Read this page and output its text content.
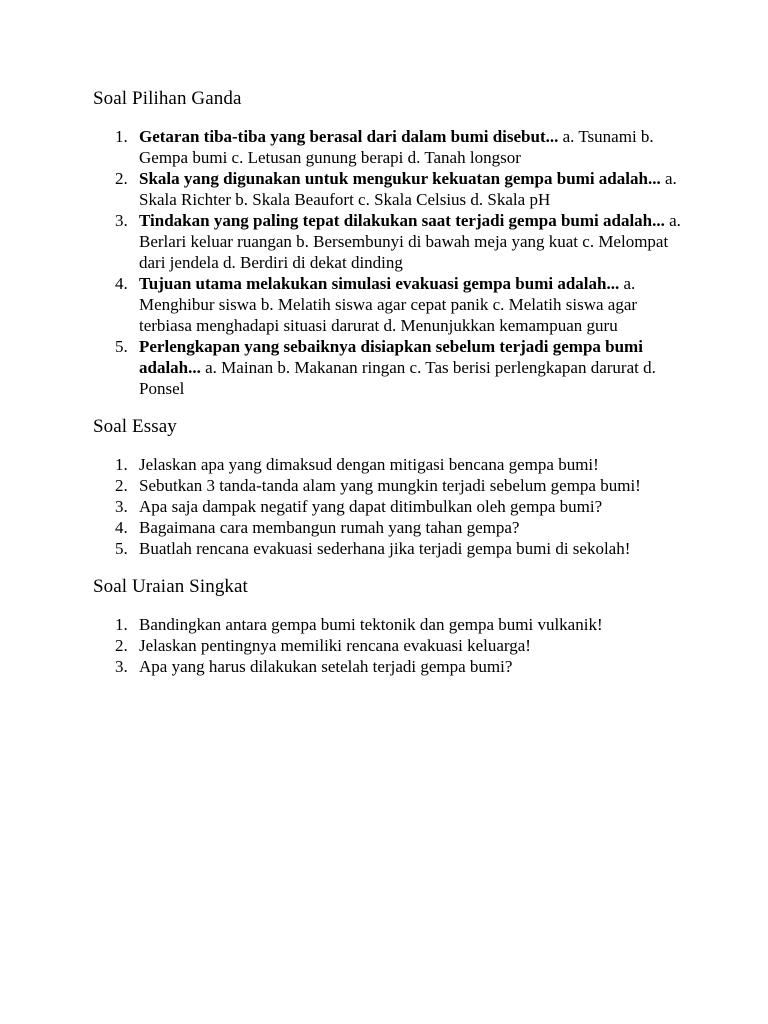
Soal Pilihan Ganda
1. Getaran tiba-tiba yang berasal dari dalam bumi disebut... a. Tsunami b. Gempa bumi c. Letusan gunung berapi d. Tanah longsor
2. Skala yang digunakan untuk mengukur kekuatan gempa bumi adalah... a. Skala Richter b. Skala Beaufort c. Skala Celsius d. Skala pH
3. Tindakan yang paling tepat dilakukan saat terjadi gempa bumi adalah... a. Berlari keluar ruangan b. Bersembunyi di bawah meja yang kuat c. Melompat dari jendela d. Berdiri di dekat dinding
4. Tujuan utama melakukan simulasi evakuasi gempa bumi adalah... a. Menghibur siswa b. Melatih siswa agar cepat panik c. Melatih siswa agar terbiasa menghadapi situasi darurat d. Menunjukkan kemampuan guru
5. Perlengkapan yang sebaiknya disiapkan sebelum terjadi gempa bumi adalah... a. Mainan b. Makanan ringan c. Tas berisi perlengkapan darurat d. Ponsel
Soal Essay
1. Jelaskan apa yang dimaksud dengan mitigasi bencana gempa bumi!
2. Sebutkan 3 tanda-tanda alam yang mungkin terjadi sebelum gempa bumi!
3. Apa saja dampak negatif yang dapat ditimbulkan oleh gempa bumi?
4. Bagaimana cara membangun rumah yang tahan gempa?
5. Buatlah rencana evakuasi sederhana jika terjadi gempa bumi di sekolah!
Soal Uraian Singkat
1. Bandingkan antara gempa bumi tektonik dan gempa bumi vulkanik!
2. Jelaskan pentingnya memiliki rencana evakuasi keluarga!
3. Apa yang harus dilakukan setelah terjadi gempa bumi?
